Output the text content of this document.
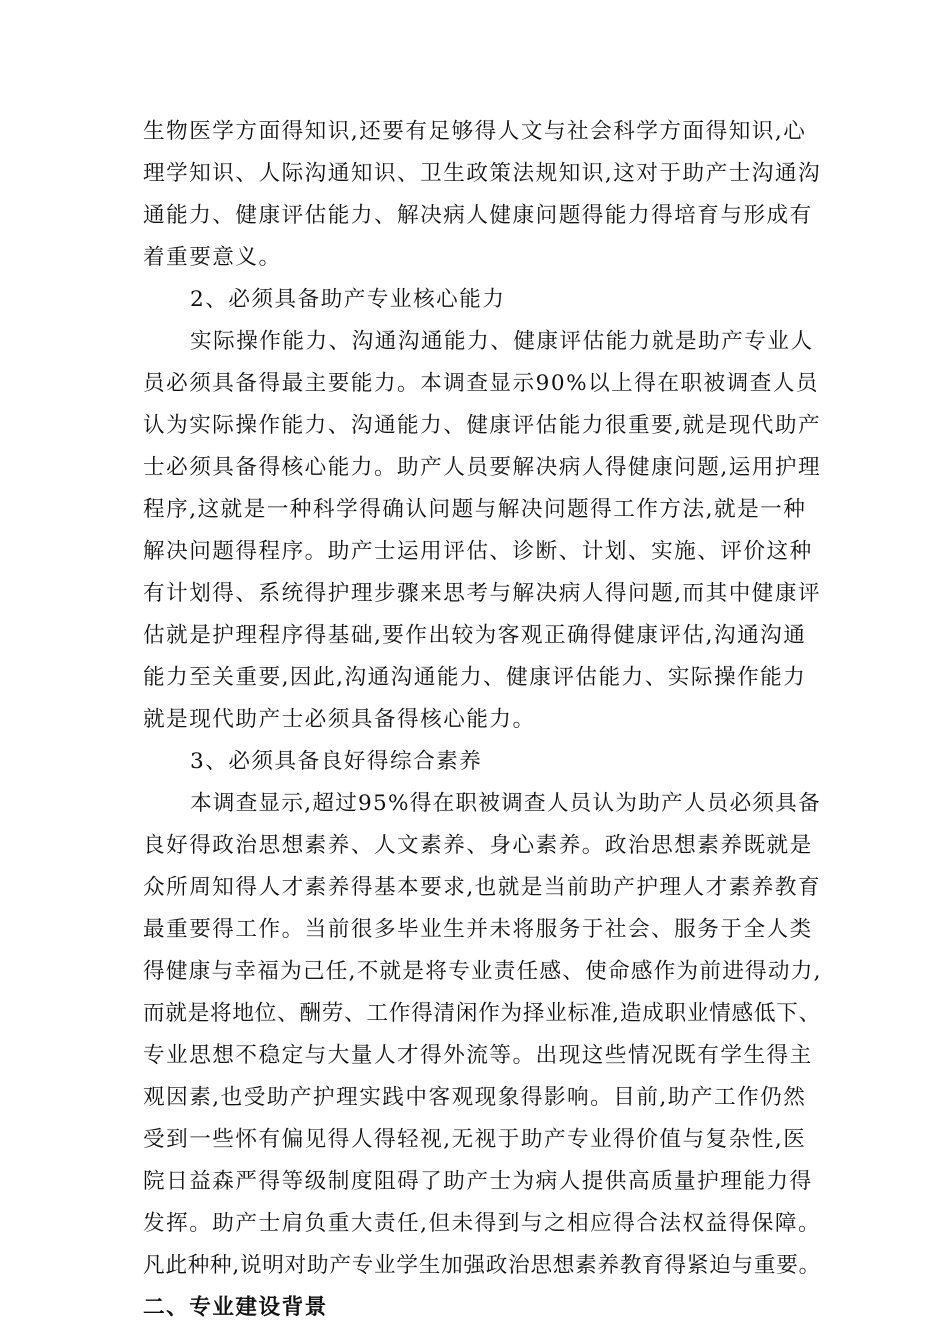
生物医学方面得知识,还要有足够得人文与社会科学方面得知识,心
理学知识、人际沟通知识、卫生政策法规知识,这对于助产士沟通沟
通能力、健康评估能力、解决病人健康问题得能力得培育与形成有
着重要意义。
2、必须具备助产专业核心能力
实际操作能力、沟通沟通能力、健康评估能力就是助产专业人
员必须具备得最主要能力。本调查显示90%以上得在职被调查人员
认为实际操作能力、沟通能力、健康评估能力很重要,就是现代助产
士必须具备得核心能力。助产人员要解决病人得健康问题,运用护理
程序,这就是一种科学得确认问题与解决问题得工作方法,就是一种
解决问题得程序。助产士运用评估、诊断、计划、实施、评价这种
有计划得、系统得护理步骤来思考与解决病人得问题,而其中健康评
估就是护理程序得基础,要作出较为客观正确得健康评估,沟通沟通
能力至关重要,因此,沟通沟通能力、健康评估能力、实际操作能力
就是现代助产士必须具备得核心能力。
3、必须具备良好得综合素养
本调查显示,超过95%得在职被调查人员认为助产人员必须具备
良好得政治思想素养、人文素养、身心素养。政治思想素养既就是
众所周知得人才素养得基本要求,也就是当前助产护理人才素养教育
最重要得工作。当前很多毕业生并未将服务于社会、服务于全人类
得健康与幸福为己任,不就是将专业责任感、使命感作为前进得动力,
而就是将地位、酬劳、工作得清闲作为择业标准,造成职业情感低下、
专业思想不稳定与大量人才得外流等。出现这些情况既有学生得主
观因素,也受助产护理实践中客观现象得影响。目前,助产工作仍然
受到一些怀有偏见得人得轻视,无视于助产专业得价值与复杂性,医
院日益森严得等级制度阻碍了助产士为病人提供高质量护理能力得
发挥。助产士肩负重大责任,但未得到与之相应得合法权益得保障。
凡此种种,说明对助产专业学生加强政治思想素养教育得紧迫与重要。
二、专业建设背景
